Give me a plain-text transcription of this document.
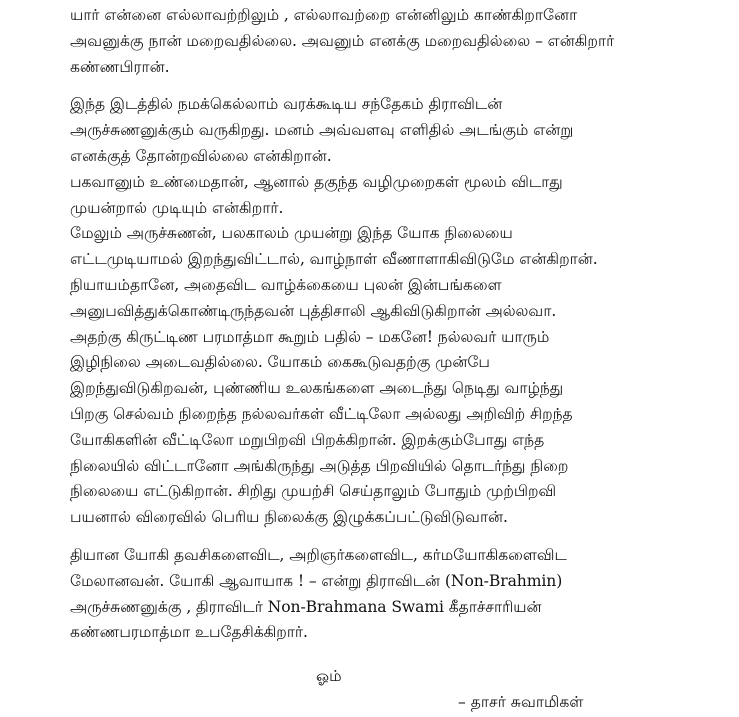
யார் என்னை எல்லாவற்றிலும் , எல்லாவற்றை என்னிலும் காண்கிறானோ
அவனுக்கு நான் மறைவதில்லை. அவனும் எனக்கு மறைவதில்லை – என்கிறார்
கண்ணபிரான்.
இந்த இடத்தில் நமக்கெல்லாம் வரக்கூடிய சந்தேகம் திராவிடன்
அருச்சுணனுக்கும் வருகிறது. மனம் அவ்வளவு எளிதில் அடங்கும் என்று
எனக்குத் தோன்றவில்லை என்கிறான்.
பகவானும் உண்மைதான், ஆனால் தகுந்த வழிமுறைகள் மூலம் விடாது
முயன்றால் முடியும் என்கிறார்.
மேலும் அருச்சுணன், பலகாலம் முயன்று இந்த யோக நிலையை
எட்டமுடியாமல் இறந்துவிட்டால், வாழ்நாள் வீணாளாகிவிடுமே என்கிறான்.
நியாயம்தானே, அதைவிட வாழ்க்கையை புலன் இன்பங்களை
அனுபவித்துக்கொண்டிருந்தவன் புத்திசாலி ஆகிவிடுகிறான் அல்லவா.
அதற்கு கிருட்டிண பரமாத்மா கூறும் பதில் – மகனே! நல்லவர் யாரும்
இழிநிலை அடைவதில்லை. யோகம் கைகூடுவதற்கு முன்பே
இறந்துவிடுகிறவன், புண்ணிய உலகங்களை அடைந்து நெடிது வாழ்ந்து
பிறகு செல்வம் நிறைந்த நல்லவர்கள் வீட்டிலோ அல்லது அறிவிற் சிறந்த
யோகிகளின் வீட்டிலோ மறுபிறவி பிறக்கிறான். இறக்கும்போது எந்த
நிலையில் விட்டானோ அங்கிருந்து அடுத்த பிறவியில் தொடர்ந்து நிறை
நிலையை எட்டுகிறான். சிறிது முயற்சி செய்தாலும் போதும் முற்பிறவி
பயனால் விரைவில் பெரிய நிலைக்கு இழுக்கப்பட்டுவிடுவான்.
தியான யோகி தவசிகளைவிட, அறிஞர்களைவிட, கர்மயோகிகளைவிட
மேலானவன். யோகி ஆவாயாக ! – என்று திராவிடன் (Non-Brahmin)
அருச்சுணனுக்கு , திராவிடர் Non-Brahmana Swami கீதாச்சாரியன்
கண்ணபரமாத்மா உபதேசிக்கிறார்.
ஓம்
– தாசர் சுவாமிகள்
